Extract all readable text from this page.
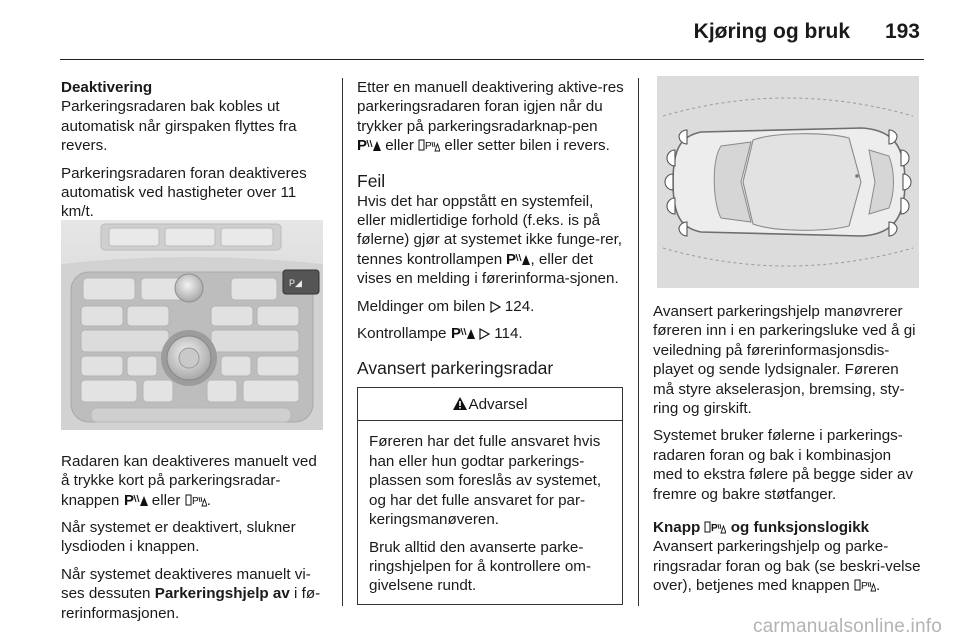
Kjøring og bruk 193

Deaktivering

Parkeringsradaren bak kobles ut automatisk når girspaken flyttes fra revers.

Parkeringsradaren foran deaktiveres automatisk ved hastigheter over 11 km/t.

Radaren kan deaktiveres manuelt ved å trykke kort på parkeringsradar-knappen P eller P .

Når systemet er deaktivert, slukner lysdioden i knappen.

Når systemet deaktiveres manuelt vi-ses dessuten Parkeringshjelp av i fø-rerinformasjonen.

P◢

Etter en manuell deaktivering aktive-res parkeringsradaren foran igjen når du trykker på parkeringsradarknap-pen
P eller P eller setter bilen i revers.

Feil

Hvis det har oppstått en systemfeil, eller midlertidige forhold (f.eks. is på følerne) gjør at systemet ikke funge-rer, tennes kontrollampen P , eller det vises en melding i førerinforma-sjonen.

Meldinger om bilen 124.

Kontrollampe P 114.

Avansert parkeringsradar

Advarsel

Føreren har det fulle ansvaret hvis han eller hun godtar parkerings-plassen som foreslås av systemet, og har det fulle ansvaret for par-keringsmanøveren.

Bruk alltid den avanserte parke-ringshjelpen for å kontrollere om-givelsene rundt.

Avansert parkeringshjelp manøvrerer føreren inn i en parkeringsluke ved å gi veiledning på førerinformasjonsdis-playet og sende lydsignaler. Føreren må styre akselerasjon, bremsing, sty-ring og girskift.

Systemet bruker følerne i parkerings-radaren foran og bak i kombinasjon med to ekstra følere på begge sider av fremre og bakre støtfanger.

Knapp P og funksjonslogikk

Avansert parkeringshjelp og parke-ringsradar foran og bak (se beskri-velse over), betjenes med knappen P .

carmanualsonline.info
